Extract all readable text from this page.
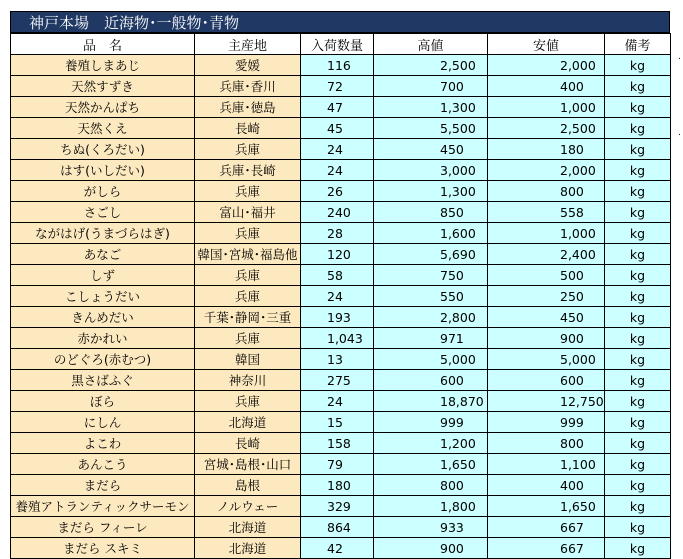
神戸本場　近海物･一般物･青物
品　名	主産地	入荷数量	高値	安値	備考
養殖しまあじ	愛媛	116	2,500	2,000	kg
天然すずき	兵庫･香川	72	700	400	kg
天然かんぱち	兵庫･徳島	47	1,300	1,000	kg
天然くえ	長崎	45	5,500	2,500	kg
ちぬ(くろだい)	兵庫	24	450	180	kg
はす(いしだい)	兵庫･長崎	24	3,000	2,000	kg
がしら	兵庫	26	1,300	800	kg
さごし	富山･福井	240	850	558	kg
ながはげ(うまづらはぎ)	兵庫	28	1,600	1,000	kg
あなご	韓国･宮城･福島他	120	5,690	2,400	kg
しず	兵庫	58	750	500	kg
こしょうだい	兵庫	24	550	250	kg
きんめだい	千葉･静岡･三重	193	2,800	450	kg
赤かれい	兵庫	1,043	971	900	kg
のどぐろ(赤むつ)	韓国	13	5,000	5,000	kg
黒さばふぐ	神奈川	275	600	600	kg
ぼら	兵庫	24	18,870	12,750	kg
にしん	北海道	15	999	999	kg
よこわ	長崎	158	1,200	800	kg
あんこう	宮城･島根･山口	79	1,650	1,100	kg
まだら	島根	180	800	400	kg
養殖アトランティックサーモン	ノルウェー	329	1,800	1,650	kg
まだら フィーレ	北海道	864	933	667	kg
まだら スキミ	北海道	42	900	667	kg
.
.
